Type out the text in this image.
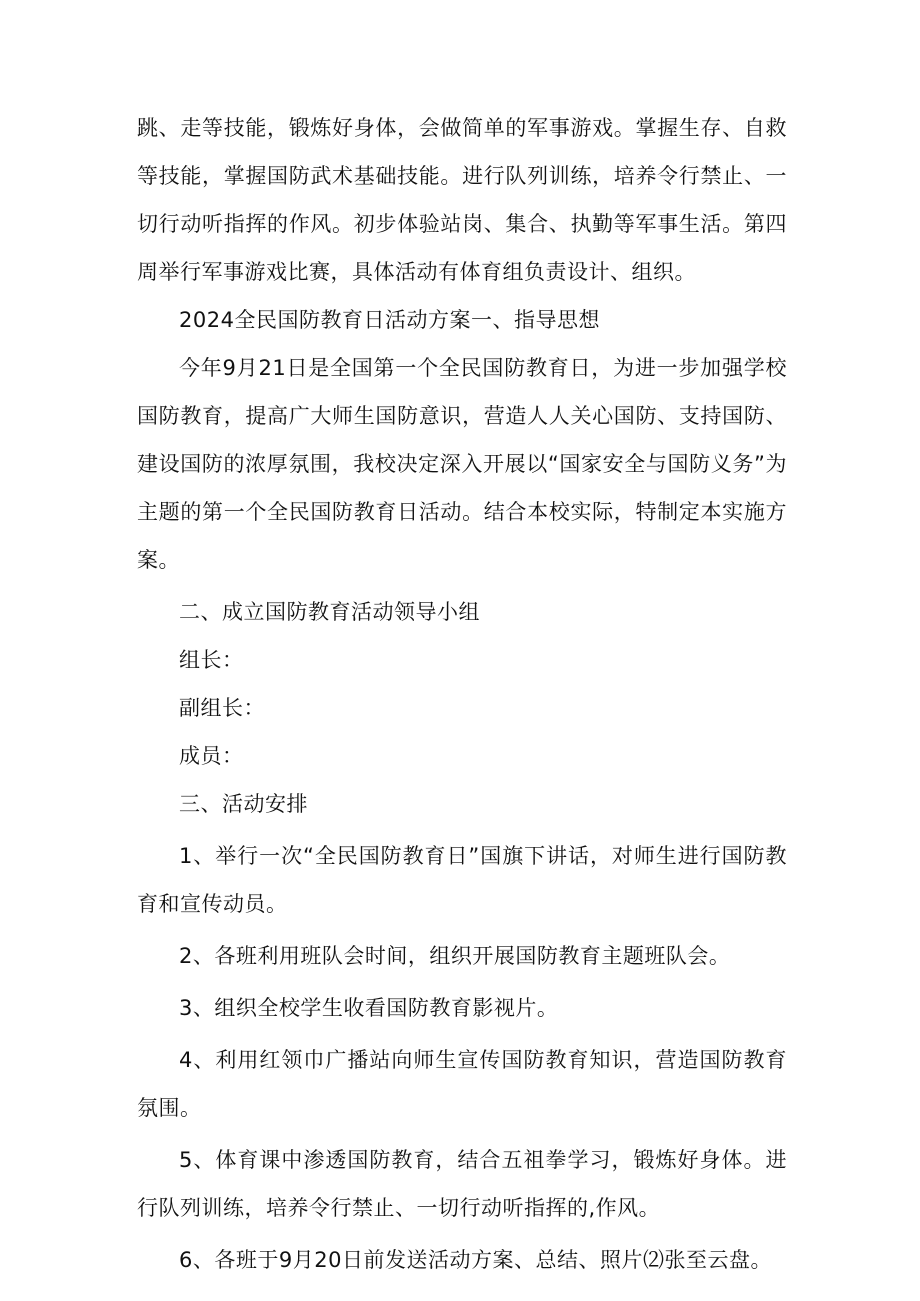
跳、走等技能，锻炼好身体，会做简单的军事游戏。掌握生存、自救等技能，掌握国防武术基础技能。进行队列训练，培养令行禁止、一切行动听指挥的作风。初步体验站岗、集合、执勤等军事生活。第四周举行军事游戏比赛，具体活动有体育组负责设计、组织。

2024全民国防教育日活动方案一、指导思想

今年9月21日是全国第一个全民国防教育日，为进一步加强学校国防教育，提高广大师生国防意识，营造人人关心国防、支持国防、建设国防的浓厚氛围，我校决定深入开展以“国家安全与国防义务”为主题的第一个全民国防教育日活动。结合本校实际，特制定本实施方案。

二、成立国防教育活动领导小组

组长：

副组长：

成员：

三、活动安排

1、举行一次“全民国防教育日”国旗下讲话，对师生进行国防教育和宣传动员。

2、各班利用班队会时间，组织开展国防教育主题班队会。

3、组织全校学生收看国防教育影视片。

4、利用红领巾广播站向师生宣传国防教育知识，营造国防教育氛围。

5、体育课中渗透国防教育，结合五祖拳学习，锻炼好身体。进行队列训练，培养令行禁止、一切行动听指挥的,作风。

6、各班于9月20日前发送活动方案、总结、照片⑵张至云盘。
